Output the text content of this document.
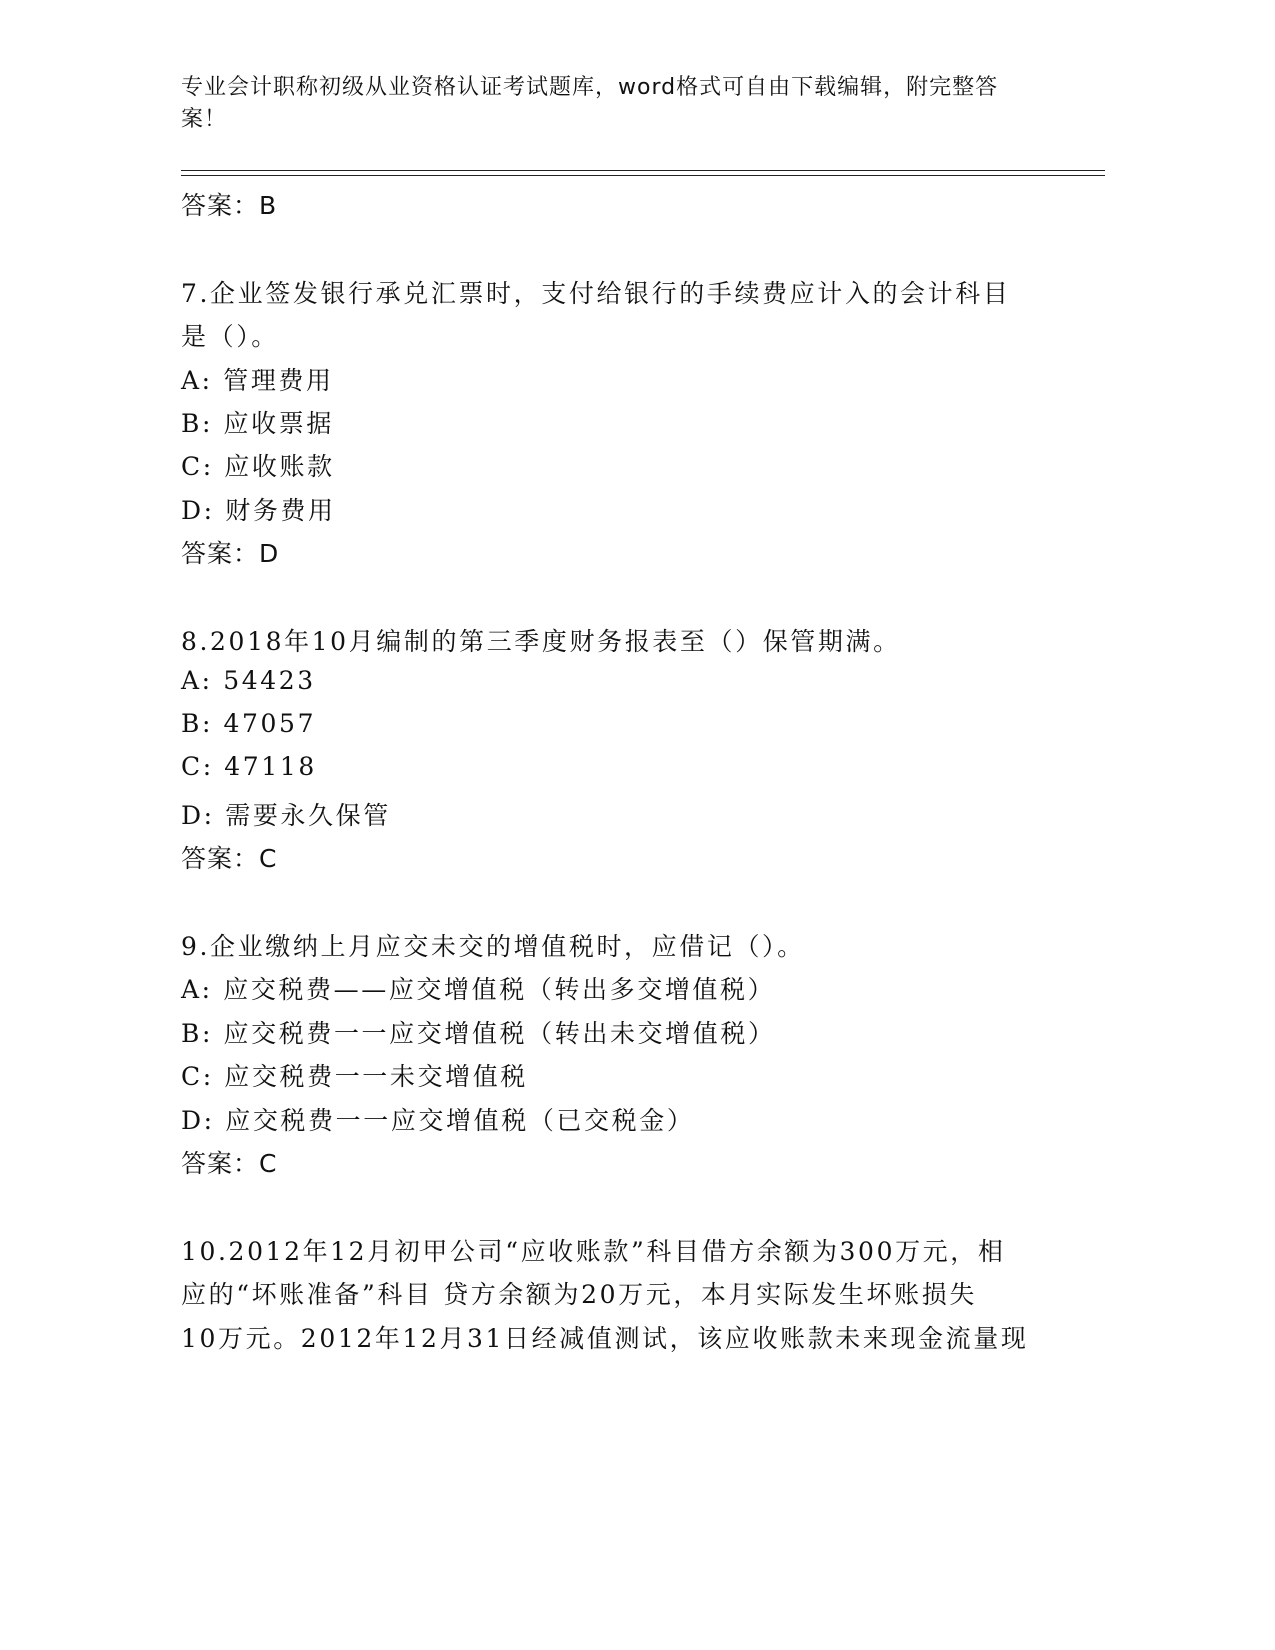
专业会计职称初级从业资格认证考试题库，word格式可自由下载编辑，附完整答案！
答案：B
7.企业签发银行承兑汇票时，支付给银行的手续费应计入的会计科目
是（）。
A: 管理费用
B: 应收票据
C: 应收账款
D: 财务费用
答案：D
8.2018年10月编制的第三季度财务报表至（）保管期满。
A: 54423
B: 47057
C: 47118
D: 需要永久保管
答案：C
9.企业缴纳上月应交未交的增值税时，应借记（）。
A: 应交税费——应交增值税（转出多交增值税）
B: 应交税费一一应交增值税（转出未交增值税）
C: 应交税费一一未交增值税
D: 应交税费一一应交增值税（已交税金）
答案：C
10.2012年12月初甲公司“应收账款”科目借方余额为300万元，相
应的“坏账准备”科目 贷方余额为20万元，本月实际发生坏账损失
10万元。2012年12月31日经减值测试，该应收账款未来现金流量现
